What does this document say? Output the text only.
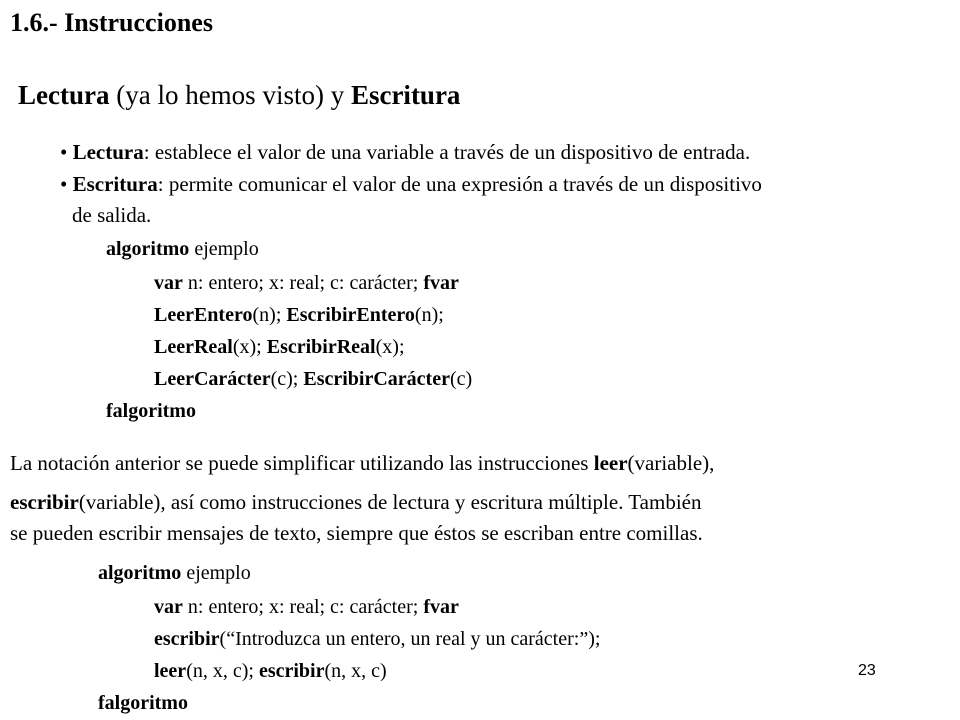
1.6.- Instrucciones
Lectura (ya lo hemos visto) y Escritura
• Lectura: establece el valor de una variable a través de un dispositivo de entrada.
• Escritura: permite comunicar el valor de una expresión a través de un dispositivo
de salida.
algoritmo ejemplo
var n: entero; x: real; c: carácter; fvar
LeerEntero(n); EscribirEntero(n);
LeerReal(x); EscribirReal(x);
LeerCarácter(c); EscribirCarácter(c)
falgoritmo
La notación anterior se puede simplificar utilizando las instrucciones leer(variable),
escribir(variable), así como instrucciones de lectura y escritura múltiple. También
se pueden escribir mensajes de texto, siempre que éstos se escriban entre comillas.
algoritmo ejemplo
var n: entero; x: real; c: carácter; fvar
escribir(“Introduzca un entero, un real y un carácter:”);
leer(n, x, c); escribir(n, x, c)
falgoritmo
23
